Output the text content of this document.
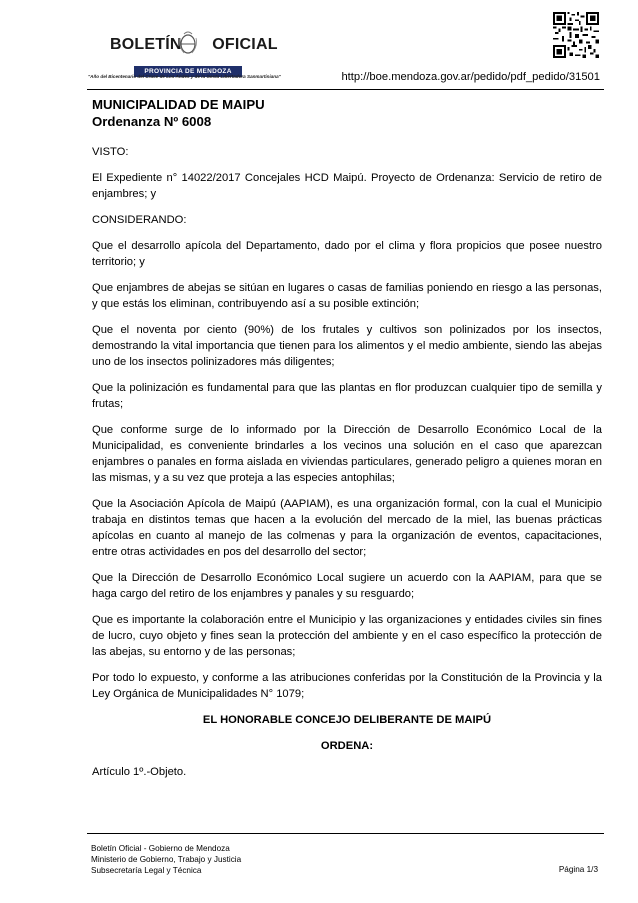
BOLETÍN OFICIAL
PROVINCIA DE MENDOZA
"Año del Bicentenario del Cruce de Los Andes y de la Gesta Libertadora Sanmartiniana"	http://boe.mendoza.gov.ar/pedido/pdf_pedido/31501
MUNICIPALIDAD DE MAIPU
Ordenanza Nº 6008

VISTO:

El Expediente n° 14022/2017 Concejales HCD Maipú. Proyecto de Ordenanza: Servicio de retiro de enjambres; y

CONSIDERANDO:

Que el desarrollo apícola del Departamento, dado por el clima y flora propicios que posee nuestro territorio; y

Que enjambres de abejas se sitúan en lugares o casas de familias poniendo en riesgo a las personas, y que estás los eliminan, contribuyendo así a su posible extinción;

Que el noventa por ciento (90%) de los frutales y cultivos son polinizados por los insectos, demostrando la vital importancia que tienen para los alimentos y el medio ambiente, siendo las abejas uno de los insectos polinizadores más diligentes;

Que la polinización es fundamental para que las plantas en flor produzcan cualquier tipo de semilla y frutas;

Que conforme surge de lo informado por la Dirección de Desarrollo Económico Local de la Municipalidad, es conveniente brindarles a los vecinos una solución en el caso que aparezcan enjambres o panales en forma aislada en viviendas particulares, generado peligro a quienes moran en las mismas, y a su vez que proteja a las especies antophilas;

Que la Asociación Apícola de Maipú (AAPIAM), es una organización formal, con la cual el Municipio trabaja en distintos temas que hacen a la evolución del mercado de la miel, las buenas prácticas apícolas en cuanto al manejo de las colmenas y para la organización de eventos, capacitaciones, entre otras actividades en pos del desarrollo del sector;

Que la Dirección de Desarrollo Económico Local sugiere un acuerdo con la AAPIAM, para que se haga cargo del retiro de los enjambres y panales y su resguardo;

Que es importante la colaboración entre el Municipio y las organizaciones y entidades civiles sin fines de lucro, cuyo objeto y fines sean la protección del ambiente y en el caso específico la protección de las abejas, su entorno y de las personas;

Por todo lo expuesto, y conforme a las atribuciones conferidas por la Constitución de la Provincia y la Ley Orgánica de Municipalidades N° 1079;

EL HONORABLE CONCEJO DELIBERANTE DE MAIPÚ

ORDENA:

Artículo 1º.-Objeto.

Boletín Oficial - Gobierno de Mendoza
Ministerio de Gobierno, Trabajo y Justicia
Subsecretaría Legal y Técnica	Página 1/3
